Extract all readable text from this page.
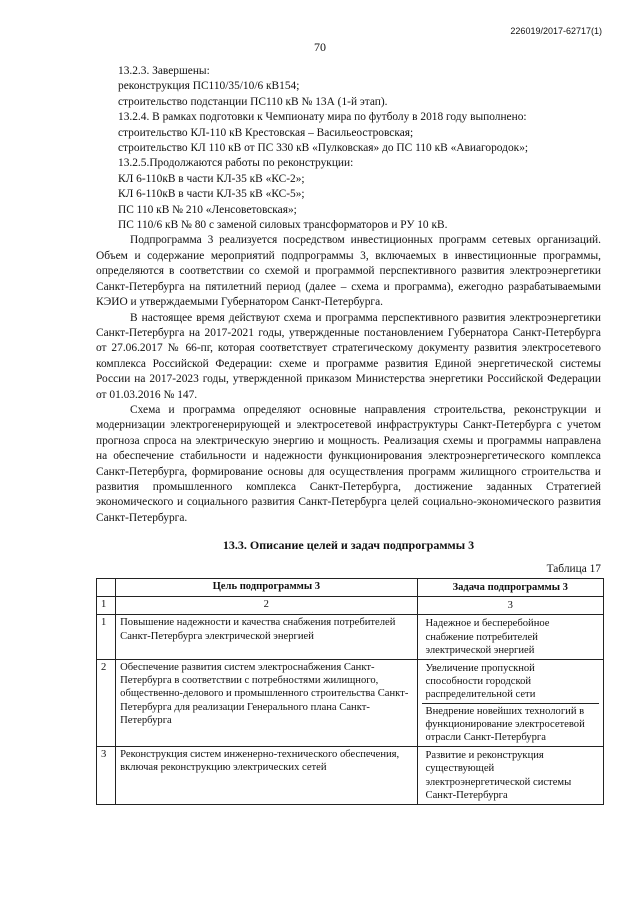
226019/2017-62717(1)
70

13.2.3. Завершены:

реконструкция ПС110/35/10/6 кВ154;

строительство подстанции ПС110 кВ № 13А (1-й этап).

13.2.4. В рамках подготовки к Чемпионату мира по футболу в 2018 году выполнено:

строительство КЛ-110 кВ Крестовская – Васильеостровская;

строительство КЛ 110 кВ от ПС 330 кВ «Пулковская» до ПС 110 кВ «Авиагородок»;

13.2.5.Продолжаются работы по реконструкции:

КЛ 6-110кВ в части КЛ-35 кВ «КС-2»;

КЛ 6-110кВ в части КЛ-35 кВ «КС-5»;

ПС 110 кВ № 210 «Ленсоветовская»;

ПС 110/6 кВ № 80 с заменой силовых трансформаторов и РУ 10 кВ.

Подпрограмма 3 реализуется посредством инвестиционных программ сетевых организаций. Объем и содержание мероприятий подпрограммы 3, включаемых в инвестиционные программы, определяются в соответствии со схемой и программой перспективного развития электроэнергетики Санкт-Петербурга на пятилетний период (далее – схема и программа), ежегодно разрабатываемыми КЭИО и утверждаемыми Губернатором Санкт-Петербурга.

В настоящее время действуют схема и программа перспективного развития электроэнергетики Санкт-Петербурга на 2017-2021 годы, утвержденные постановлением Губернатора Санкт-Петербурга от 27.06.2017 № 66-пг, которая соответствует стратегическому документу развития электросетевого комплекса Российской Федерации: схеме и программе развития Единой энергетической системы России на 2017-2023 годы, утвержденной приказом Министерства энергетики Российской Федерации от 01.03.2016 № 147.

Схема и программа определяют основные направления строительства, реконструкции и модернизации электрогенерирующей и электросетевой инфраструктуры Санкт-Петербурга с учетом прогноза спроса на электрическую энергию и мощность. Реализация схемы и программы направлена на обеспечение стабильности и надежности функционирования электроэнергетического комплекса Санкт-Петербурга, формирование основы для осуществления программ жилищного строительства и развития промышленного комплекса Санкт-Петербурга, достижение заданных Стратегией экономического и социального развития Санкт-Петербурга целей социально-экономического развития Санкт-Петербурга.

13.3. Описание целей и задач подпрограммы 3
Таблица 17
	Цель подпрограммы 3	Задача подпрограммы 3

1	2	3

1	Повышение надежности и качества снабжения потребителей Санкт-Петербурга электрической энергией	Надежное и бесперебойное снабжение потребителей электрической энергией

2	Обеспечение развития систем электроснабжения Санкт-Петербурга в соответствии с потребностями жилищного, общественно-делового и промышленного строительства Санкт-Петербурга для реализации Генерального плана Санкт-Петербурга	Увеличение пропускной способности городской распределительной сети
Внедрение новейших технологий в функционирование электросетевой отрасли Санкт-Петербурга

3	Реконструкция систем инженерно-технического обеспечения, включая реконструкцию электрических сетей	Развитие и реконструкция существующей электроэнергетической системы Санкт-Петербурга
